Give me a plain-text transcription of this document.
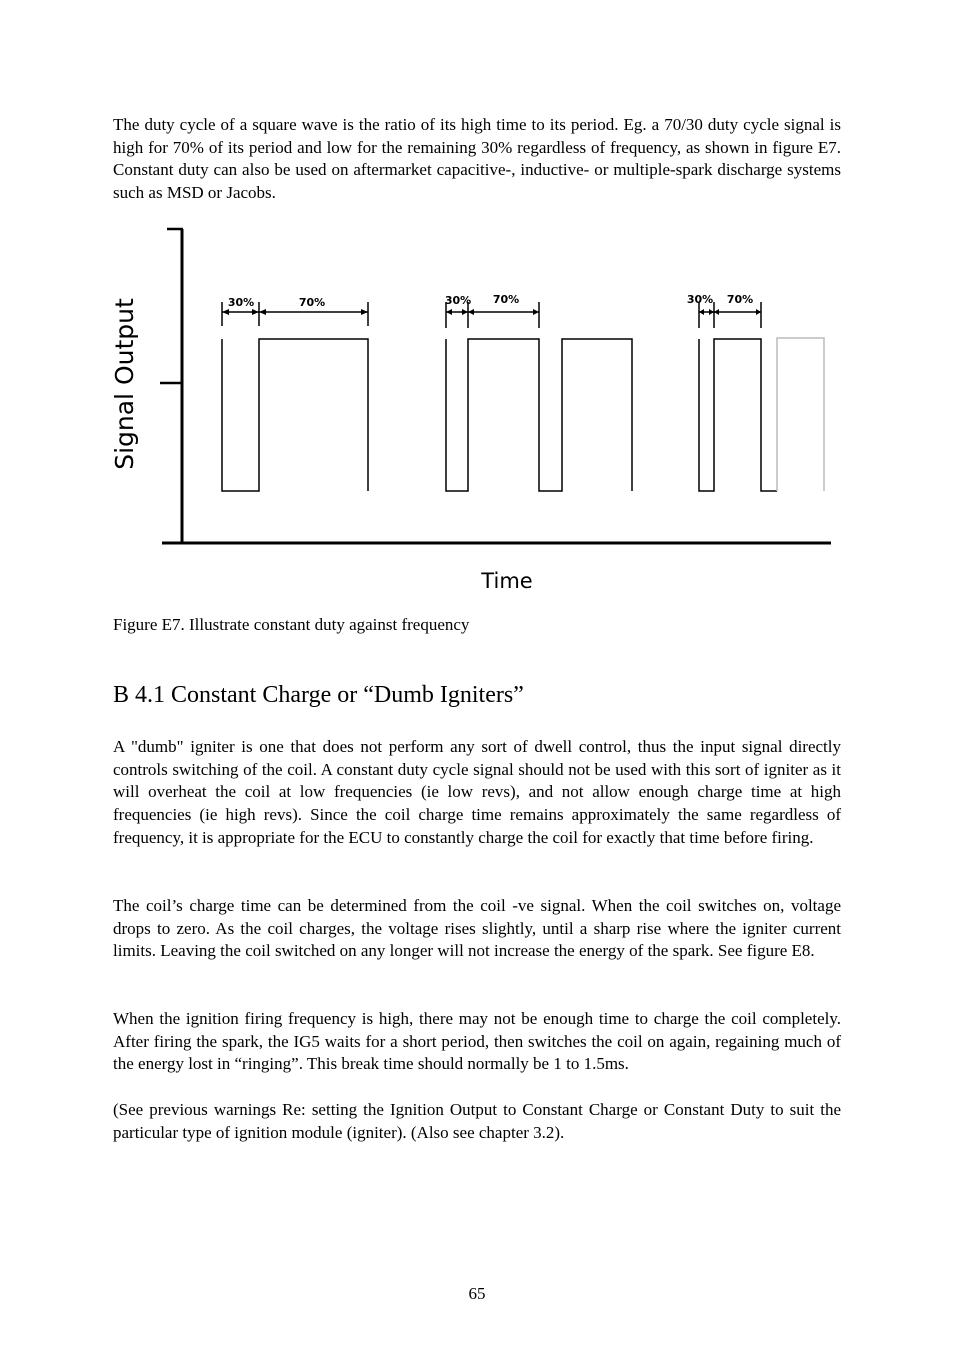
The duty cycle of a square wave is the ratio of its high time to its period. Eg. a 70/30 duty cycle signal is high for 70% of its period and low for the remaining 30% regardless of frequency, as shown in figure E7. Constant duty can also be used on aftermarket capacitive-, inductive- or multiple-spark discharge systems such as MSD or Jacobs.

30%	70%	30% 70%	30% 70%
Signal Output
Time

Figure E7. Illustrate constant duty against frequency

B 4.1 Constant Charge or “Dumb Igniters”

A "dumb" igniter is one that does not perform any sort of dwell control, thus the input signal directly controls switching of the coil. A constant duty cycle signal should not be used with this sort of igniter as it will overheat the coil at low frequencies (ie low revs), and not allow enough charge time at high frequencies (ie high revs). Since the coil charge time remains approximately the same regardless of frequency, it is appropriate for the ECU to constantly charge the coil for exactly that time before firing.

The coil’s charge time can be determined from the coil -ve signal. When the coil switches on, voltage drops to zero. As the coil charges, the voltage rises slightly, until a sharp rise where the igniter current limits. Leaving the coil switched on any longer will not increase the energy of the spark. See figure E8.

When the ignition firing frequency is high, there may not be enough time to charge the coil completely. After firing the spark, the IG5 waits for a short period, then switches the coil on again, regaining much of the energy lost in “ringing”. This break time should normally be 1 to 1.5ms.

(See previous warnings Re: setting the Ignition Output to Constant Charge or Constant Duty to suit the particular type of ignition module (igniter). (Also see chapter 3.2).

65
